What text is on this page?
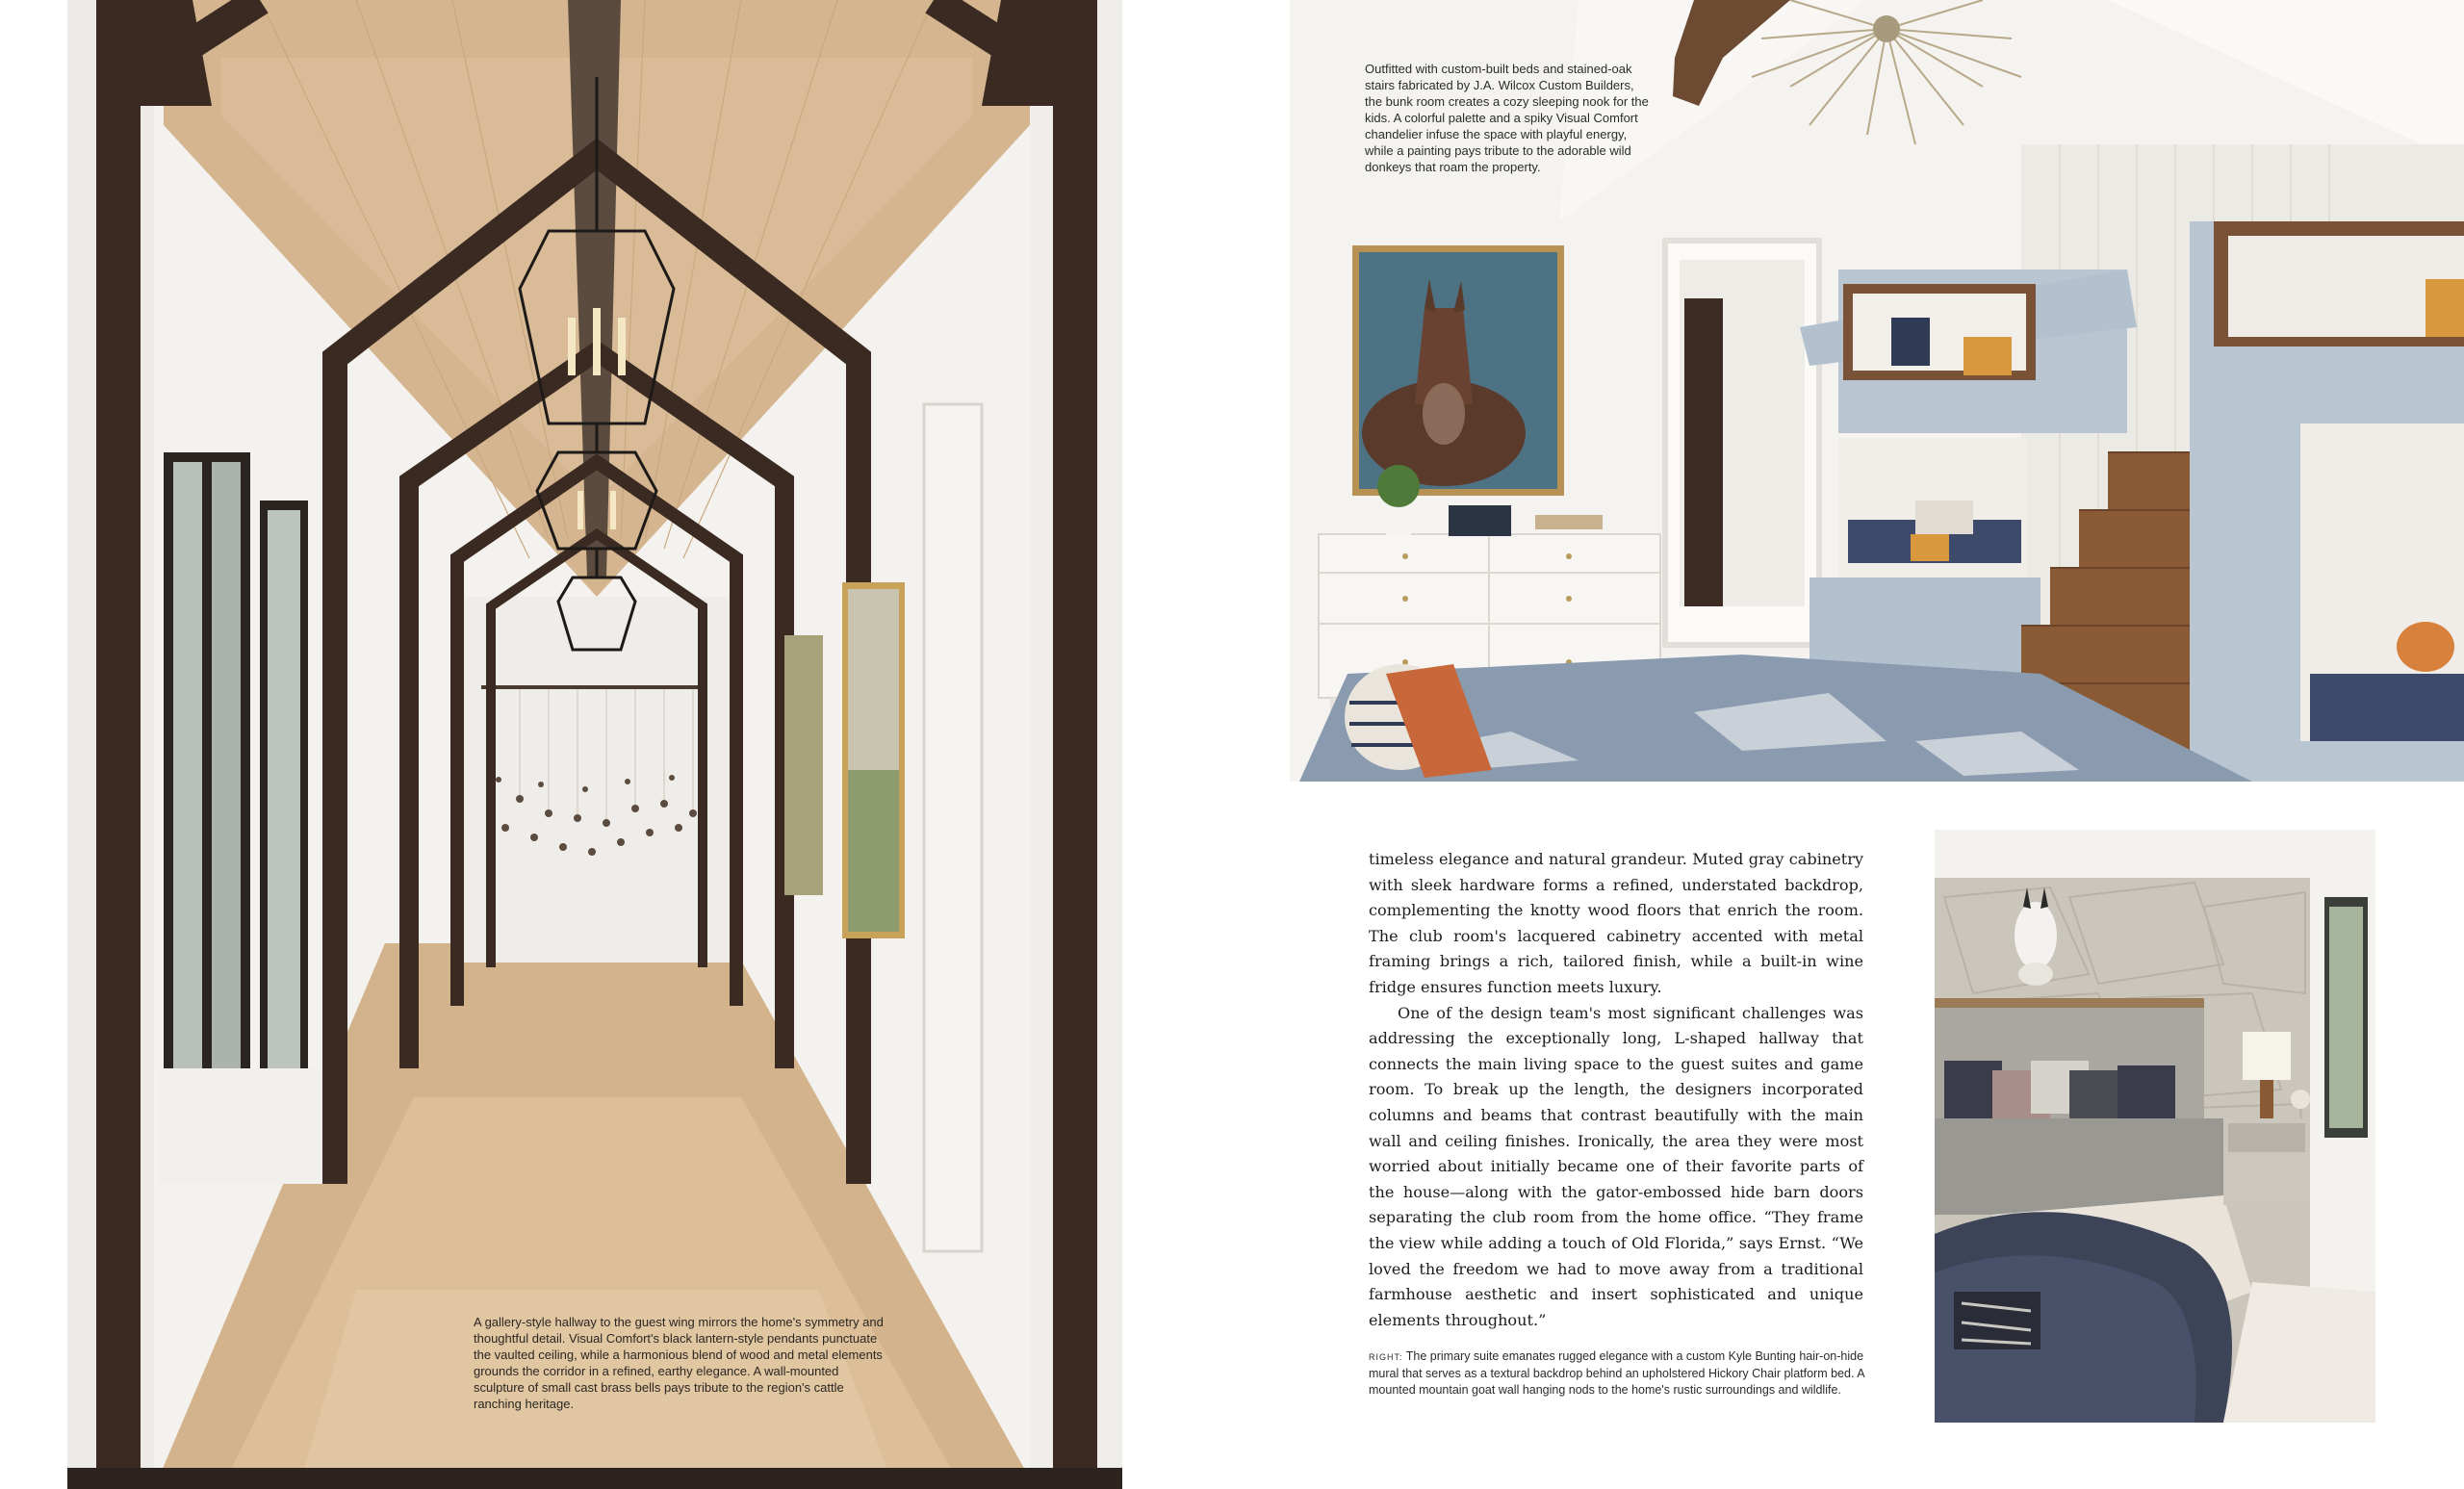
A gallery-style hallway to the guest wing mirrors the home's symmetry and thoughtful detail. Visual Comfort's black lantern-style pendants punctuate the vaulted ceiling, while a harmonious blend of wood and metal elements grounds the corridor in a refined, earthy elegance. A wall-mounted sculpture of small cast brass bells pays tribute to the region's cattle ranching heritage.
Outfitted with custom-built beds and stained-oak stairs fabricated by J.A. Wilcox Custom Builders, the bunk room creates a cozy sleeping nook for the kids. A colorful palette and a spiky Visual Comfort chandelier infuse the space with playful energy, while a painting pays tribute to the adorable wild donkeys that roam the property.

timeless elegance and natural grandeur. Muted gray cabinetry with sleek hardware forms a refined, understated backdrop, complementing the knotty wood floors that enrich the room. The club room's lacquered cabinetry accented with metal framing brings a rich, tailored finish, while a built-in wine fridge ensures function meets luxury.

One of the design team's most significant challenges was addressing the exceptionally long, L-shaped hallway that connects the main living space to the guest suites and game room. To break up the length, the designers incorporated columns and beams that contrast beautifully with the main wall and ceiling finishes. Ironically, the area they were most worried about initially became one of their favorite parts of the house—along with the gator-embossed hide barn doors separating the club room from the home office. “They frame the view while adding a touch of Old Florida,” says Ernst. “We loved the freedom we had to move away from a traditional farmhouse aesthetic and insert sophisticated and unique elements throughout.”

RIGHT: The primary suite emanates rugged elegance with a custom Kyle Bunting hair-on-hide mural that serves as a textural backdrop behind an upholstered Hickory Chair platform bed. A mounted mountain goat wall hanging nods to the home's rustic surroundings and wildlife.
